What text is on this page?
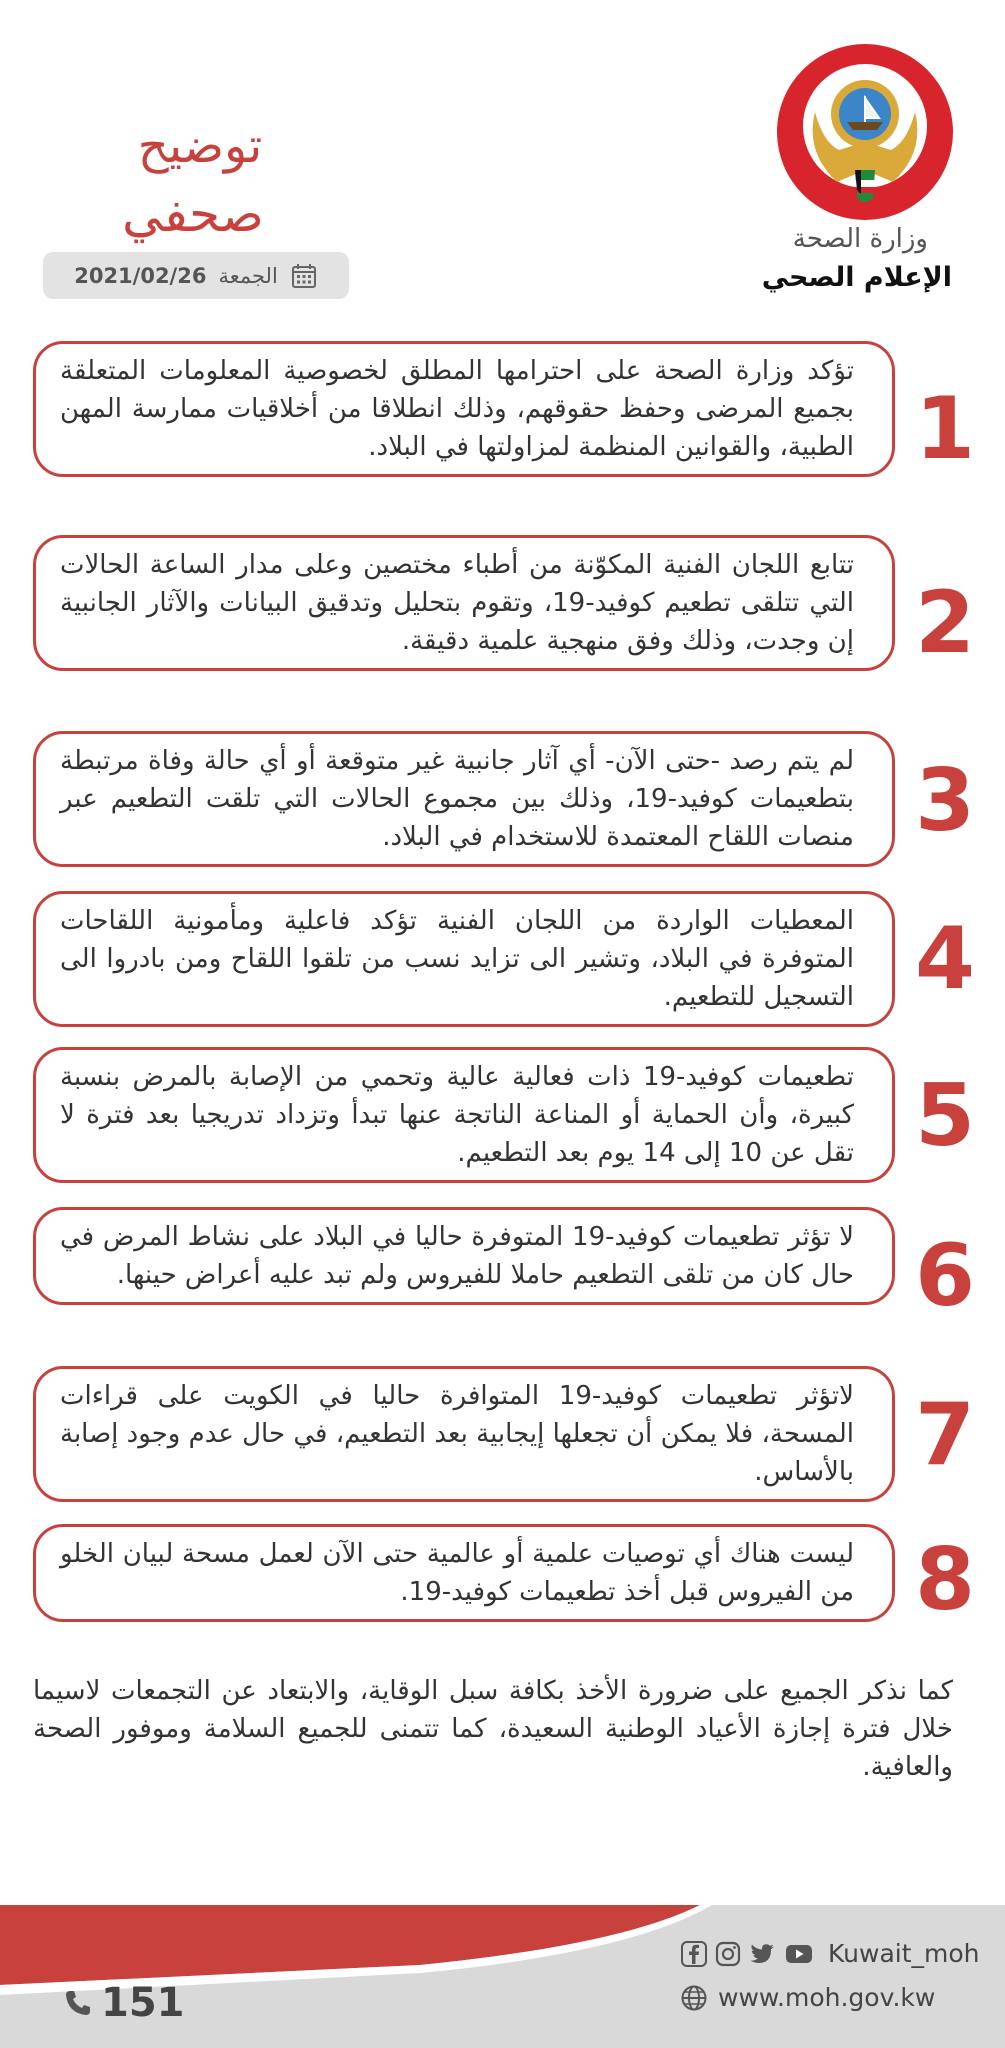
وزارة الصحة
الإعلام الصحي
توضيح
صحفي
2021/02/26 الجمعة

تؤكد وزارة الصحة على احترامها المطلق لخصوصية المعلومات المتعلقة بجميع المرضى وحفظ حقوقهم، وذلك انطلاقا من أخلاقيات ممارسة المهن الطبية، والقوانين المنظمة لمزاولتها في البلاد. 1

تتابع اللجان الفنية المكوّنة من أطباء مختصين وعلى مدار الساعة الحالات التي تتلقى تطعيم كوفيد-19، وتقوم بتحليل وتدقيق البيانات والآثار الجانبية إن وجدت، وذلك وفق منهجية علمية دقيقة. 2

لم يتم رصد -حتى الآن- أي آثار جانبية غير متوقعة أو أي حالة وفاة مرتبطة بتطعيمات كوفيد-19، وذلك بين مجموع الحالات التي تلقت التطعيم عبر منصات اللقاح المعتمدة للاستخدام في البلاد. 3

المعطيات الواردة من اللجان الفنية تؤكد فاعلية ومأمونية اللقاحات المتوفرة في البلاد، وتشير الى تزايد نسب من تلقوا اللقاح ومن بادروا الى التسجيل للتطعيم. 4

تطعيمات كوفيد-19 ذات فعالية عالية وتحمي من الإصابة بالمرض بنسبة كبيرة، وأن الحماية أو المناعة الناتجة عنها تبدأ وتزداد تدريجيا بعد فترة لا تقل عن 10 إلى 14 يوم بعد التطعيم. 5

لا تؤثر تطعيمات كوفيد-19 المتوفرة حاليا في البلاد على نشاط المرض في حال كان من تلقى التطعيم حاملا للفيروس ولم تبد عليه أعراض حينها. 6

لاتؤثر تطعيمات كوفيد-19 المتوافرة حاليا في الكويت على قراءات المسحة، فلا يمكن أن تجعلها إيجابية بعد التطعيم، في حال عدم وجود إصابة بالأساس. 7

ليست هناك أي توصيات علمية أو عالمية حتى الآن لعمل مسحة لبيان الخلو من الفيروس قبل أخذ تطعيمات كوفيد-19. 8

كما نذكر الجميع على ضرورة الأخذ بكافة سبل الوقاية، والابتعاد عن التجمعات لاسيما خلال فترة إجازة الأعياد الوطنية السعيدة، كما تتمنى للجميع السلامة وموفور الصحة والعافية.

Kuwait_moh
www.moh.gov.kw
151
